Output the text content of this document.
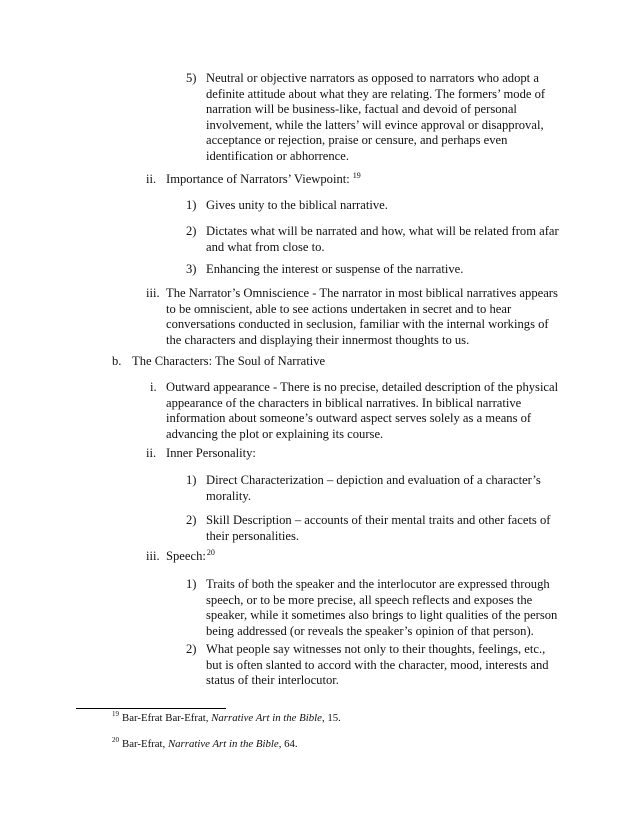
5) Neutral or objective narrators as opposed to narrators who adopt a definite attitude about what they are relating. The formers’ mode of narration will be business-like, factual and devoid of personal involvement, while the latters’ will evince approval or disapproval, acceptance or rejection, praise or censure, and perhaps even identification or abhorrence.
ii. Importance of Narrators’ Viewpoint: $^{19}$
1) Gives unity to the biblical narrative.
2) Dictates what will be narrated and how, what will be related from afar and what from close to.
3) Enhancing the interest or suspense of the narrative.
iii. The Narrator’s Omniscience - The narrator in most biblical narratives appears to be omniscient, able to see actions undertaken in secret and to hear conversations conducted in seclusion, familiar with the internal workings of the characters and displaying their innermost thoughts to us.
b. The Characters: The Soul of Narrative
i. Outward appearance - There is no precise, detailed description of the physical appearance of the characters in biblical narratives. In biblical narrative information about someone’s outward aspect serves solely as a means of advancing the plot or explaining its course.
ii. Inner Personality:
1) Direct Characterization – depiction and evaluation of a character’s morality.
2) Skill Description – accounts of their mental traits and other facets of their personalities.
iii. Speech:$^{20}$
1) Traits of both the speaker and the interlocutor are expressed through speech, or to be more precise, all speech reflects and exposes the speaker, while it sometimes also brings to light qualities of the person being addressed (or reveals the speaker’s opinion of that person).
2) What people say witnesses not only to their thoughts, feelings, etc., but is often slanted to accord with the character, mood, interests and status of their interlocutor.
$^{19}$ Bar-Efrat Bar-Efrat, Narrative Art in the Bible, 15.
$^{20}$ Bar-Efrat, Narrative Art in the Bible, 64.
